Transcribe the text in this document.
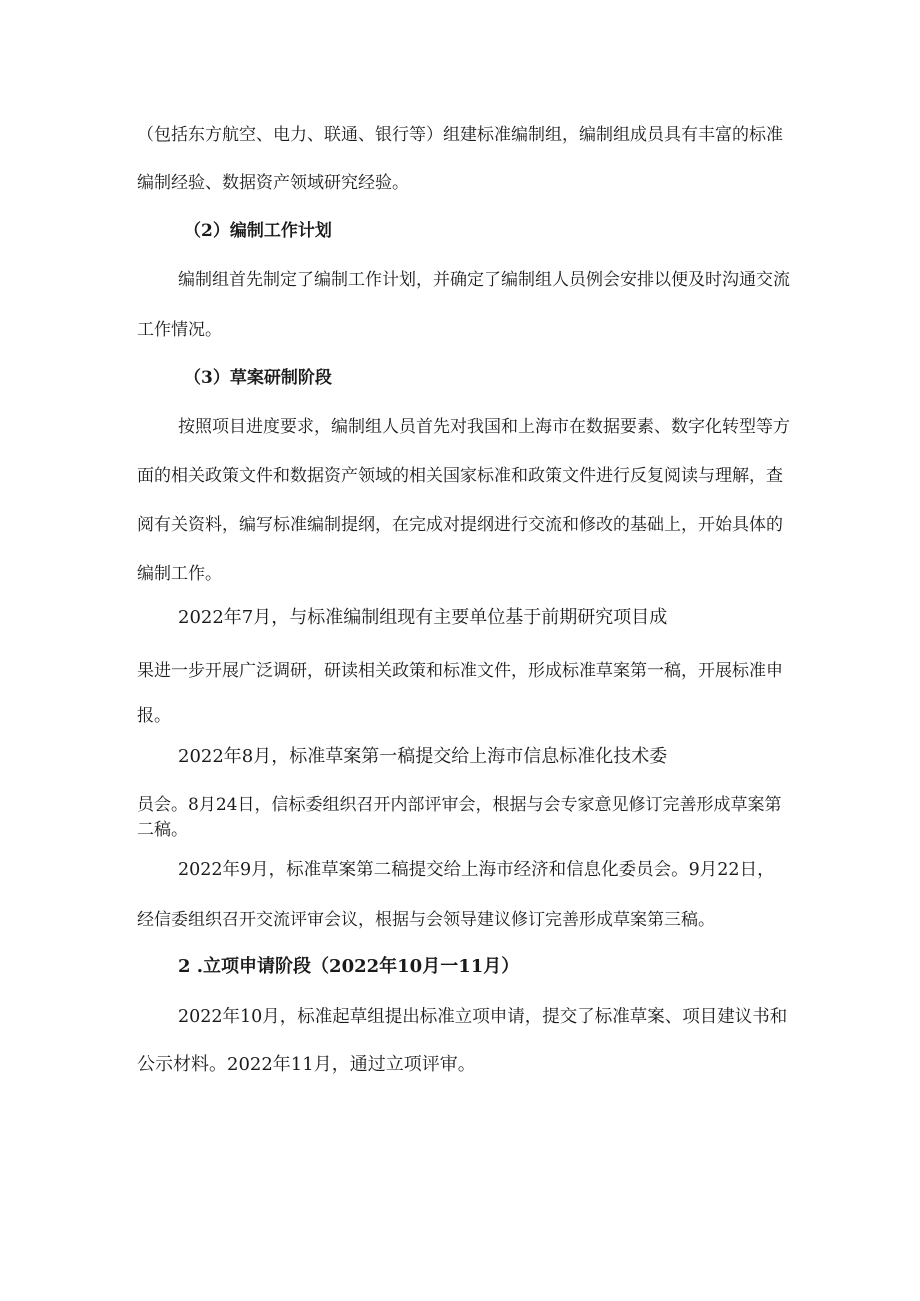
（包括东方航空、电力、联通、银行等）组建标准编制组，编制组成员具有丰富的标准
编制经验、数据资产领域研究经验。
（2）编制工作计划
编制组首先制定了编制工作计划，并确定了编制组人员例会安排以便及时沟通交流
工作情况。
（3）草案研制阶段
按照项目进度要求，编制组人员首先对我国和上海市在数据要素、数字化转型等方
面的相关政策文件和数据资产领域的相关国家标准和政策文件进行反复阅读与理解，查
阅有关资料，编写标准编制提纲，在完成对提纲进行交流和修改的基础上，开始具体的
编制工作。
2022年7月，与标准编制组现有主要单位基于前期研究项目成
果进一步开展广泛调研，研读相关政策和标准文件，形成标准草案第一稿，开展标准申
报。
2022年8月，标准草案第一稿提交给上海市信息标准化技术委
员会。8月24日，信标委组织召开内部评审会，根据与会专家意见修订完善形成草案第
二稿。
2022年9月，标准草案第二稿提交给上海市经济和信息化委员会。9月22日，
经信委组织召开交流评审会议，根据与会领导建议修订完善形成草案第三稿。
2 .立项申请阶段（2022年10月一11月）
2022年10月，标准起草组提出标准立项申请，提交了标准草案、项目建议书和
公示材料。2022年11月，通过立项评审。
